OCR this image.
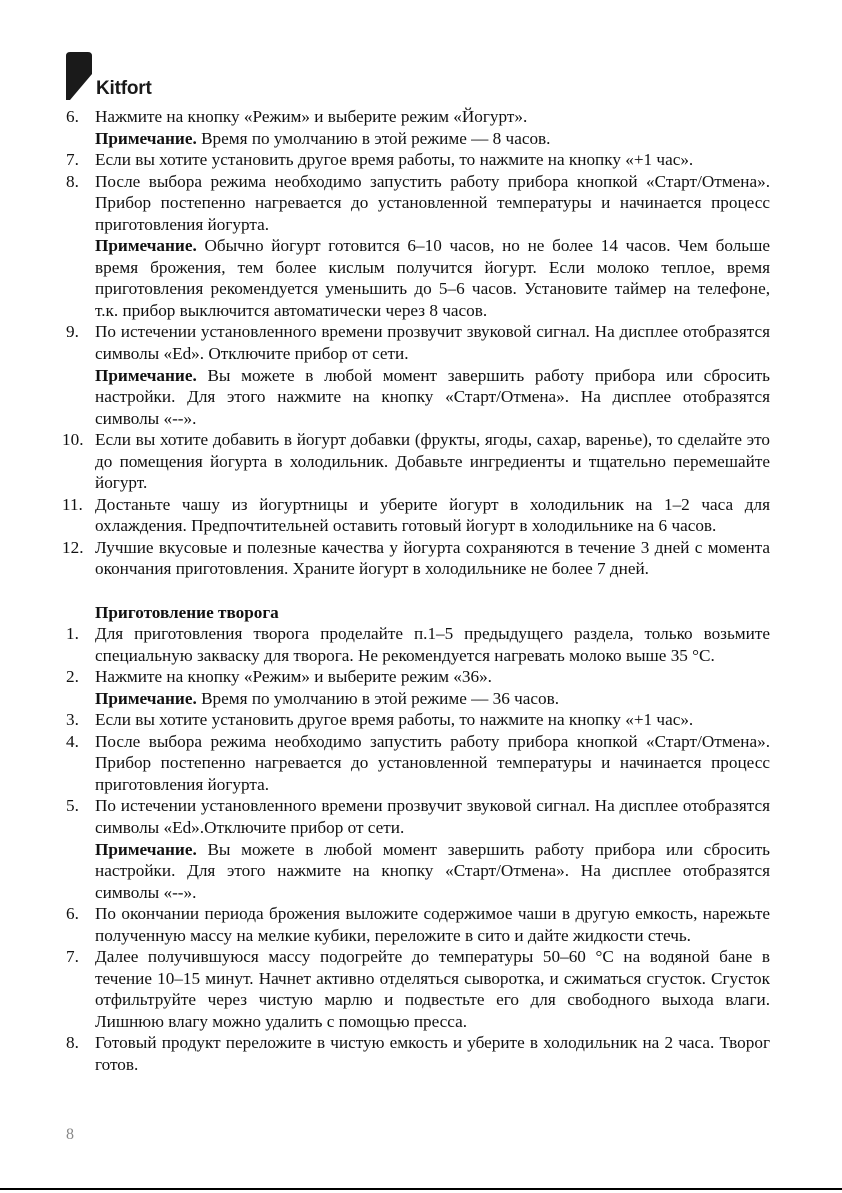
Kitfort
6. Нажмите на кнопку «Режим» и выберите режим «Йогурт».

Примечание. Время по умолчанию в этой режиме — 8 часов.

7. Если вы хотите установить другое время работы, то нажмите на кнопку «+1 час».

8. После выбора режима необходимо запустить работу прибора кнопкой «Старт/Отмена». Прибор постепенно нагревается до установленной температуры и начинается процесс приготовления йогурта.

Примечание. Обычно йогурт готовится 6–10 часов, но не более 14 часов. Чем больше время брожения, тем более кислым получится йогурт. Если молоко теплое, время приготовления рекомендуется уменьшить до 5–6 часов. Установите таймер на телефоне, т.к. прибор выключится автоматически через 8 часов.

9. По истечении установленного времени прозвучит звуковой сигнал. На дисплее отобразятся символы «Ed». Отключите прибор от сети.

Примечание. Вы можете в любой момент завершить работу прибора или сбросить настройки. Для этого нажмите на кнопку «Старт/Отмена». На дисплее отобразятся символы «--».

10. Если вы хотите добавить в йогурт добавки (фрукты, ягоды, сахар, варенье), то сделайте это до помещения йогурта в холодильник. Добавьте ингредиенты и тщательно перемешайте йогурт.

11. Достаньте чашу из йогуртницы и уберите йогурт в холодильник на 1–2 часа для охлаждения. Предпочтительней оставить готовый йогурт в холодильнике на 6 часов.

12. Лучшие вкусовые и полезные качества у йогурта сохраняются в течение 3 дней с момента окончания приготовления. Храните йогурт в холодильнике не более 7 дней.

Приготовление творога
1. Для приготовления творога проделайте п.1–5 предыдущего раздела, только возьмите специальную закваску для творога. Не рекомендуется нагревать молоко выше 35 °С.

2. Нажмите на кнопку «Режим» и выберите режим «36».

Примечание. Время по умолчанию в этой режиме — 36 часов.

3. Если вы хотите установить другое время работы, то нажмите на кнопку «+1 час».

4. После выбора режима необходимо запустить работу прибора кнопкой «Старт/Отмена». Прибор постепенно нагревается до установленной температуры и начинается процесс приготовления йогурта.

5. По истечении установленного времени прозвучит звуковой сигнал. На дисплее отобразятся символы «Ed».Отключите прибор от сети.

Примечание. Вы можете в любой момент завершить работу прибора или сбросить настройки. Для этого нажмите на кнопку «Старт/Отмена». На дисплее отобразятся символы «--».

6. По окончании периода брожения выложите содержимое чаши в другую емкость, нарежьте полученную массу на мелкие кубики, переложите в сито и дайте жидкости стечь.

7. Далее получившуюся массу подогрейте до температуры 50–60 °С на водяной бане в течение 10–15 минут. Начнет активно отделяться сыворотка, и сжиматься сгусток. Сгусток отфильтруйте через чистую марлю и подвестьте его для свободного выхода влаги. Лишнюю влагу можно удалить с помощью пресса.

8. Готовый продукт переложите в чистую емкость и уберите в холодильник на 2 часа. Творог готов.

8
